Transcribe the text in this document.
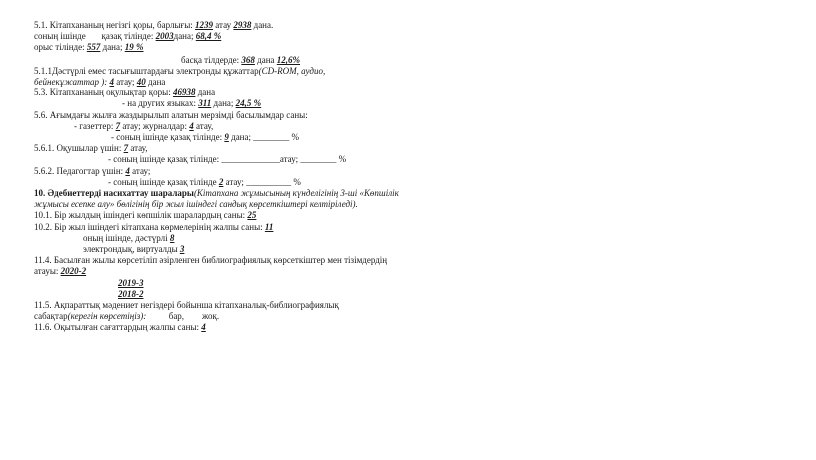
5.1. Кітапхананың негізгі қоры, барлығы: 1239 атау 2938 дана.
соның ішінде       қазақ тілінде: 2003дана; 68,4 %
орыс тілінде: 557 дана; 19 %
басқа тілдерде: 368 дана 12,6%
5.1.1Дәстүрлі емес тасығыштардағы электронды құжаттар(CD-ROM, аудио,
бейнекұжаттар ): 4 атау; 40 дана
5.3. Кітапхананың оқулықтар қоры: 46938 дана
- на других языках: 311 дана; 24,5 %
5.6. Ағымдағы жылға жаздырылып алатын мерзімді басылымдар саны:
- газеттер: 7 атау; журналдар: 4 атау,
- соның ішінде қазақ тілінде: 9 дана; ________ %
5.6.1. Оқушылар үшін: 7 атау,
- соның ішінде қазақ тілінде: _____________атау; ________ %
5.6.2. Педагогтар үшін: 4 атау;
- соның ішінде қазақ тілінде 2 атау; __________ %
10. Әдебиеттерді насихаттау шаралары(Кітапхана жұмысының күнделігінің 3-ші «Көпшілік
жұмысы есепке алу» бөлігінің бір жыл ішіндегі сандық көрсеткіштері келтіріледі).
10.1. Бір жылдың ішіндегі көпшілік шаралардың саны: 25
10.2. Бір жыл ішіндегі кітапхана көрмелерінің жалпы саны: 11
оның ішінде, дәстүрлі 8
электрондық, виртуалды 3
11.4. Басылған жылы көрсетіліп әзірленген библиографиялық көрсеткіштер мен тізімдердің
атауы: 2020-2
2019-3
2018-2
11.5. Ақпараттық мәдениет негіздері бойынша кітапханалық-библиографиялық
сабақтар(керегін көрсетіңіз):          бар,        жоқ.
11.6. Оқытылған сағаттардың жалпы саны: 4
